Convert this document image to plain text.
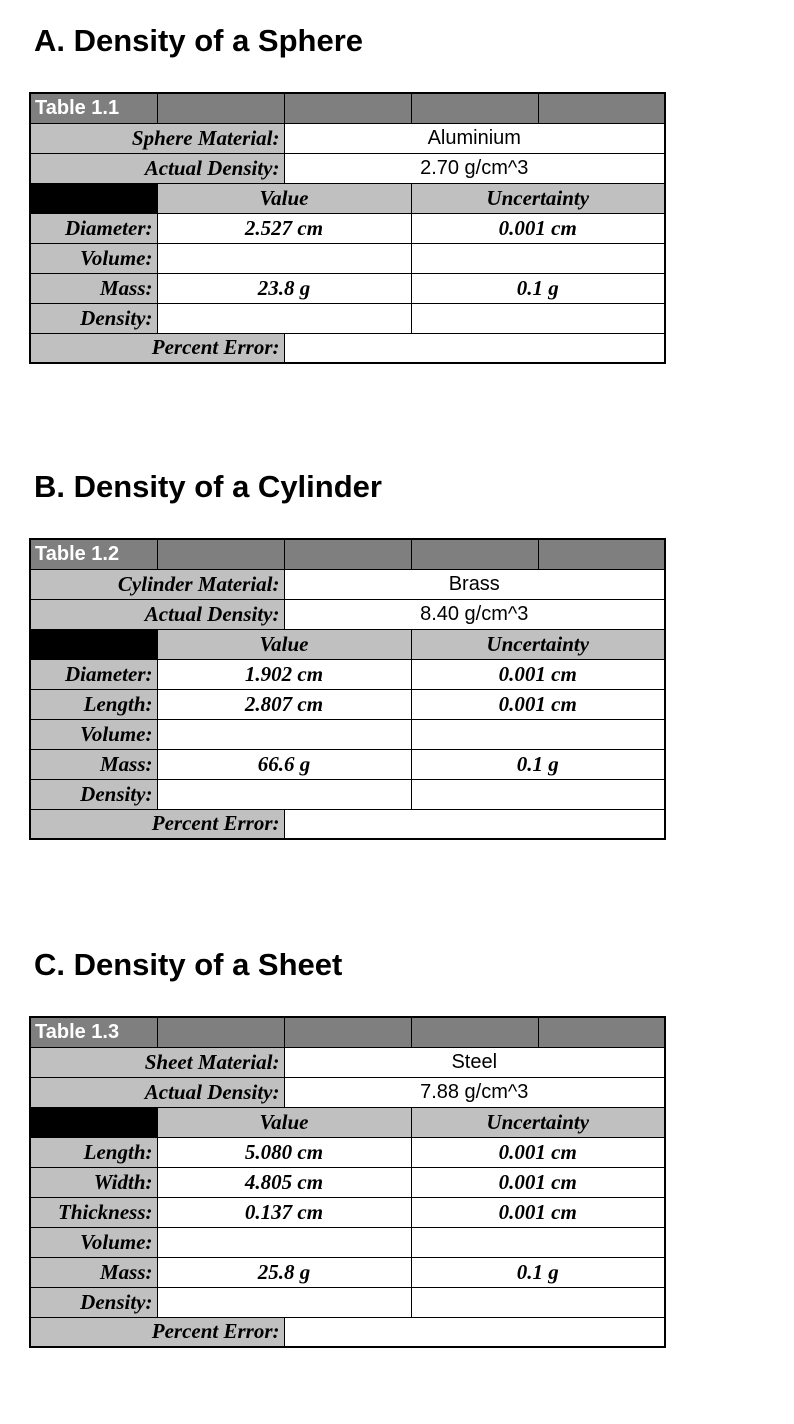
A. Density of a Sphere
Table 1.1				
Sphere Material:		Aluminium		
Actual Density:		2.70 g/cm^3		
	Value		Uncertainty	
Diameter:	2.527 cm		0.001 cm	
Volume:				
Mass:	23.8 g		0.1 g	
Density:				
Percent Error:				
B. Density of a Cylinder
Table 1.2				
Cylinder Material:		Brass		
Actual Density:		8.40 g/cm^3		
	Value		Uncertainty	
Diameter:	1.902 cm		0.001 cm	
Length:	2.807 cm		0.001 cm	
Volume:				
Mass:	66.6 g		0.1 g	
Density:				
Percent Error:				
C. Density of a Sheet
Table 1.3				
Sheet Material:		Steel		
Actual Density:		7.88 g/cm^3		
	Value		Uncertainty	
Length:	5.080 cm		0.001 cm	
Width:	4.805 cm		0.001 cm	
Thickness:	0.137 cm		0.001 cm	
Volume:				
Mass:	25.8 g		0.1 g	
Density:				
Percent Error:				
